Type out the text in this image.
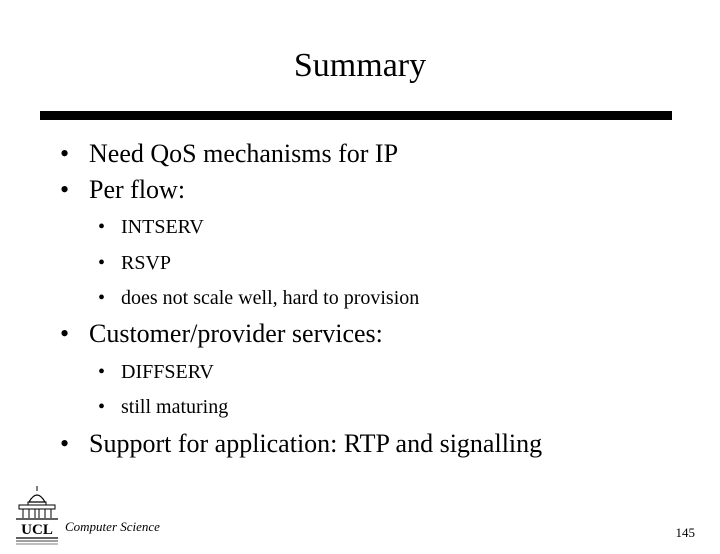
Summary
• Need QoS mechanisms for IP
• Per flow:
• INTSERV
• RSVP
• does not scale well, hard to provision
• Customer/provider services:
• DIFFSERV
• still maturing
• Support for application: RTP and signalling
UCL Computer Science	145
